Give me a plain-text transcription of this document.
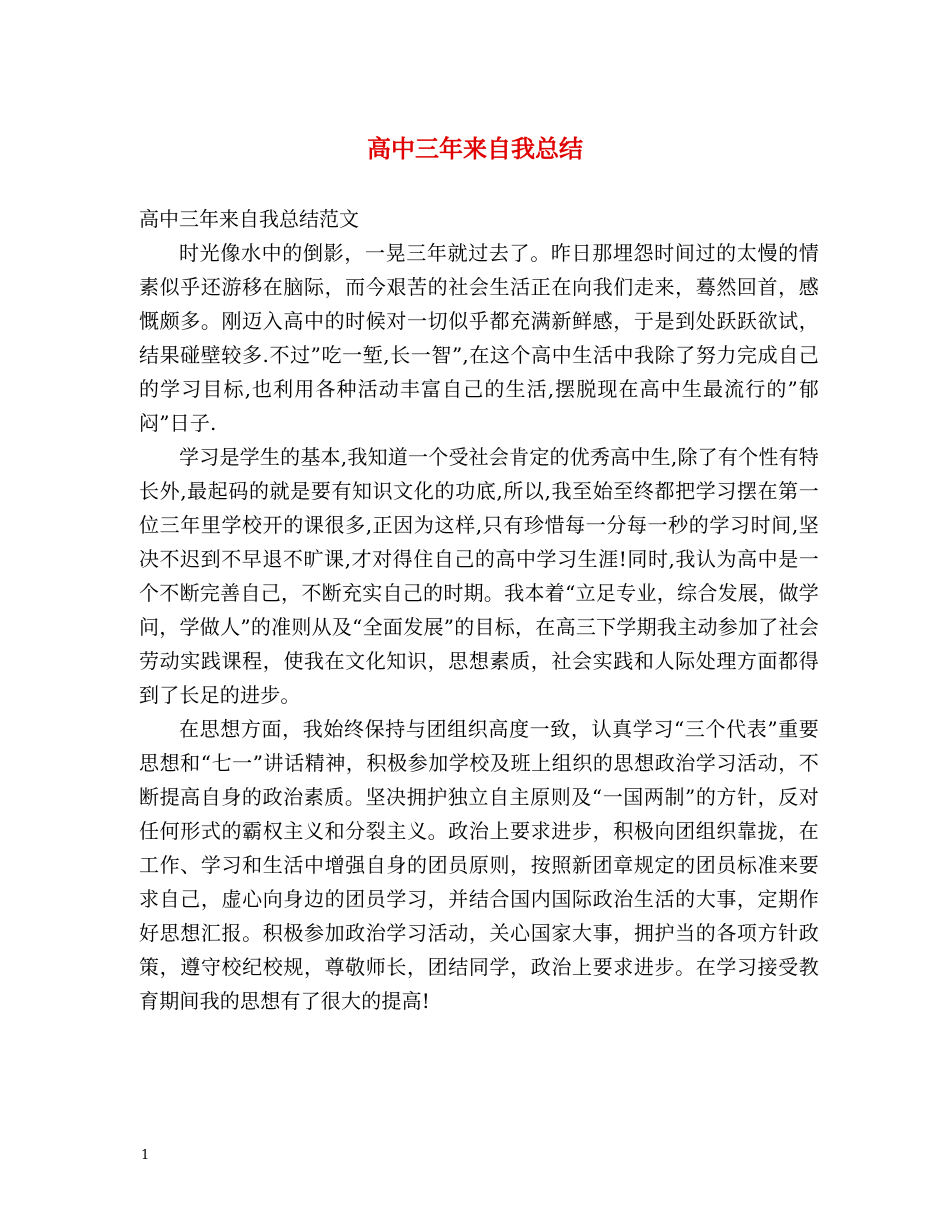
高中三年来自我总结

高中三年来自我总结范文

时光像水中的倒影，一晃三年就过去了。昨日那埋怨时间过的太慢的情素似乎还游移在脑际，而今艰苦的社会生活正在向我们走来，蓦然回首，感慨颇多。刚迈入高中的时候对一切似乎都充满新鲜感，于是到处跃跃欲试，结果碰壁较多.不过”吃一堑,长一智”,在这个高中生活中我除了努力完成自己的学习目标,也利用各种活动丰富自己的生活,摆脱现在高中生最流行的”郁闷”日子.

学习是学生的基本,我知道一个受社会肯定的优秀高中生,除了有个性有特长外,最起码的就是要有知识文化的功底,所以,我至始至终都把学习摆在第一位三年里学校开的课很多,正因为这样,只有珍惜每一分每一秒的学习时间,坚决不迟到不早退不旷课,才对得住自己的高中学习生涯!同时,我认为高中是一个不断完善自己，不断充实自己的时期。我本着“立足专业，综合发展，做学问，学做人”的准则从及“全面发展”的目标，在高三下学期我主动参加了社会劳动实践课程，使我在文化知识，思想素质，社会实践和人际处理方面都得到了长足的进步。

在思想方面，我始终保持与团组织高度一致，认真学习“三个代表”重要思想和“七一”讲话精神，积极参加学校及班上组织的思想政治学习活动，不断提高自身的政治素质。坚决拥护独立自主原则及“一国两制”的方针，反对任何形式的霸权主义和分裂主义。政治上要求进步，积极向团组织靠拢，在工作、学习和生活中增强自身的团员原则，按照新团章规定的团员标准来要求自己，虚心向身边的团员学习，并结合国内国际政治生活的大事，定期作好思想汇报。积极参加政治学习活动，关心国家大事，拥护当的各项方针政策，遵守校纪校规，尊敬师长，团结同学，政治上要求进步。在学习接受教育期间我的思想有了很大的提高!

1
